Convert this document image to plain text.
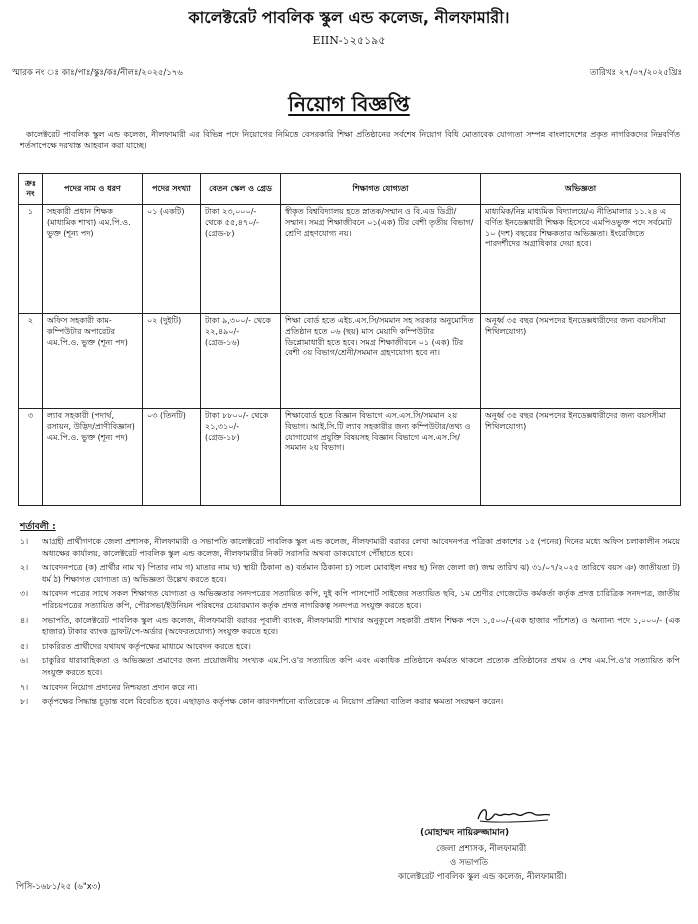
কালেক্টরেট পাবলিক স্কুল এন্ড কলেজ, নীলফামারী।
EIIN-১২৫১৯৫
স্মারক নং ঃ কাঃ/পাঃ/স্কুঃ/কঃ/নীলঃ/২০২৫/১৭৬	তারিখঃ ২৭/০৭/২০২৫খ্রিঃ
নিয়োগ বিজ্ঞপ্তি
কালেক্টরেট পাবলিক স্কুল এন্ড কলেজ, নীলফামারী এর বিভিন্ন পদে নিয়োগের নিমিত্তে বেসরকারি শিক্ষা প্রতিষ্ঠানের সর্বশেষ নিয়োগ বিধি মোতাবেক যোগ্যতা সম্পন্ন বাংলাদেশের প্রকৃত নাগরিকদের নিম্নবর্ণিত শর্তসাপেক্ষে দরখাস্ত আহবান করা যাচ্ছে।
ক্রঃ নং	পদের নাম ও ধরণ	পদের সংখ্যা	বেতন স্কেল ও গ্রেড	শিক্ষাগত যোগ্যতা	অভিজ্ঞতা
১	সহকারী প্রধান শিক্ষক (মাধ্যমিক শাখা) এম.পি.ও. ভুক্ত (শূন্য পদ)	০১ (একটি)	টাকা ২৩,০০০/- থেকে ৫৫,৪৭০/- (গ্রেড-৮)	স্বীকৃত বিশ্ববিদ্যালয় হতে স্নাতক/সম্মান ও বি.এড ডিগ্রী/সম্মান। সমগ্র শিক্ষাজীবনে ০১(এক) টির বেশী তৃতীয় বিভাগ/শ্রেণি গ্রহণযোগ্য নয়।	মাধ্যমিক/নিম্ন মাধ্যমিক বিদ্যালয়ে/এ নীতিমালার ১১.২৪ এ বর্ণিত ইনডেক্সধারী শিক্ষক হিসেবে এমপিওভুক্ত পদে সর্বমোট ১০ (দশ) বছরের শিক্ষকতার অভিজ্ঞতা। ইংরেজিতে পারদর্শীদের অগ্রাধিকার দেয়া হবে।
২	অফিস সহকারী কাম- কম্পিউটার অপারেটর এম.পি.ও. ভুক্ত (শূন্য পদ)	০২ (দুইটি)	টাকা ৯,৩০০/- থেকে ২২,৪৯০/- (গ্রেড-১৬)	শিক্ষা বোর্ড হতে এইচ.এস.সি/সমমান সহ সরকার অনুমোদিত প্রতিষ্ঠান হতে ০৬ (ছয়) মাস মেয়াদি কম্পিউটার ডিপ্লোমাধারী হতে হবে। সমগ্র শিক্ষাজীবনে ০১ (এক) টির বেশী ৩য় বিভাগ/শ্রেনী/সমমান গ্রহণযোগ্য হবে না।	অনূর্ধ্ব ৩৫ বছর (সমপদের ইনডেক্সধারীদের জন্য বয়সসীমা শিথিলযোগ্য)
৩	ল্যাব সহকারী (পদার্থ, রসায়ন, উদ্ভিদ/প্রাণীবিজ্ঞান) এম.পি.ও. ভুক্ত (শূন্য পদ)	০৩ (তিনটি)	টাকা ৮৮০০/- থেকে ২১,৩১০/- (গ্রেড-১৮)	শিক্ষাবোর্ড হতে বিজ্ঞান বিভাগে এস.এস.সি/সমমান ২য় বিভাগ। আই.সি.টি ল্যাব সহকারীর জন্য কম্পিউটার/তথ্য ও যোগাযোগ প্রযুক্তি বিষয়সহ বিজ্ঞান বিভাগে এস.এস.সি/সমমান ২য় বিভাগ।	অনূর্ধ্ব ৩৫ বছর (সমপদের ইনডেক্সধারীদের জন্য বয়সসীমা শিথিলযোগ্য)
শর্তাবলী :
১।	আগ্রহী প্রার্থীগণকে জেলা প্রশাসক, নীলফামারী ও সভাপতি কালেক্টরেট পাবলিক স্কুল এন্ড কলেজ, নীলফামারী বরাবর লেখা আবেদনপত্র পত্রিকা প্রকাশের ১৫ (পনের) দিনের মধ্যে অফিস চলাকালীন সময়ে অধ্যক্ষের কার্যালয়, কালেক্টরেট পাবলিক স্কুল এন্ড কলেজ, নীলফামারীর নিকট সরাসরি অথবা ডাকযোগে পৌঁছাতে হবে।
২।	আবেদনপত্রে (ক) প্রার্থীর নাম খ) পিতার নাম গ) মাতার নাম ঘ) স্থায়ী ঠিকানা ঙ) বর্তমান ঠিকানা চ) সচল মোবাইল নম্বর ছ) নিজ জেলা জ) জন্ম তারিখ ঝ) ৩১/০৭/২০২৫ তারিখে বয়স ঞ) জাতীয়তা ট) ধর্ম ঠ) শিক্ষাগত যোগ্যতা ড) অভিজ্ঞতা উল্লেখ করতে হবে।
৩।	আবেদন পত্রের সাথে সকল শিক্ষাগত যোগ্যতা ও অভিজ্ঞতার সনদপত্রের সত্যায়িত কপি, দুই কপি পাসপোর্ট সাইজের সত্যায়িত ছবি, ১ম শ্রেণীর গেজেটেড কর্মকর্তা কর্তৃক প্রদত্ত চারিত্রিক সনদপত্র, জাতীয় পরিচয়পত্রের সত্যায়িত কপি, পৌরসভা/ইউনিয়ন পরিষদের চেয়ারম্যান কর্তৃক প্রদত্ত নাগরিকত্ব সনদপত্র সংযুক্ত করতে হবে।
৪।	সভাপতি, কালেক্টরেট পাবলিক স্কুল এন্ড কলেজ, নীলফামারী বরাবর পূবালী ব্যাংক, নীলফামারী শাখার অনুকূলে সহকারী প্রধান শিক্ষক পদে ১,৫০০/-(এক হাজার পাঁচশত) ও অন্যান্য পদে ১,০০০/- (এক হাজার) টাকার ব্যাংক ড্রাফট/পে-অর্ডার (অফেরতযোগ্য) সংযুক্ত করতে হবে।
৫।	চাকরিরত প্রার্থীদের যথাযথ কর্তৃপক্ষের মাধ্যমে আবেদন করতে হবে।
৬।	চাকুরির ধারাবাহিকতা ও অভিজ্ঞতা প্রমাণের জন্য প্রয়োজনীয় সংখ্যক এম.পি.ও'র সত্যায়িত কপি এবং একাধিক প্রতিষ্ঠানে কর্মরত থাকলে প্রত্যেক প্রতিষ্ঠানের প্রথম ও শেষ এম.পি.ও'র সত্যায়িত কপি সংযুক্ত করতে হবে।
৭।	আবেদন নিয়োগ প্রদানের নিশ্চয়তা প্রদান করে না।
৮।	কর্তৃপক্ষের সিদ্ধান্ত চূড়ান্ত বলে বিবেচিত হবে। এছাড়াও কর্তৃপক্ষ কোন কারণদর্শানো ব্যতিরেকে এ নিয়োগ প্রক্রিয়া বাতিল করার ক্ষমতা সংরক্ষণ করেন।
(মোহাম্মদ নায়িরুজ্জামান)
জেলা প্রশাসক, নীলফামারী
ও সভাপতি
কালেক্টরেট পাবলিক স্কুল এন্ড কলেজ, নীলফামারী।
পিসি-১৬৮১/২৫ (৬"x৩)
